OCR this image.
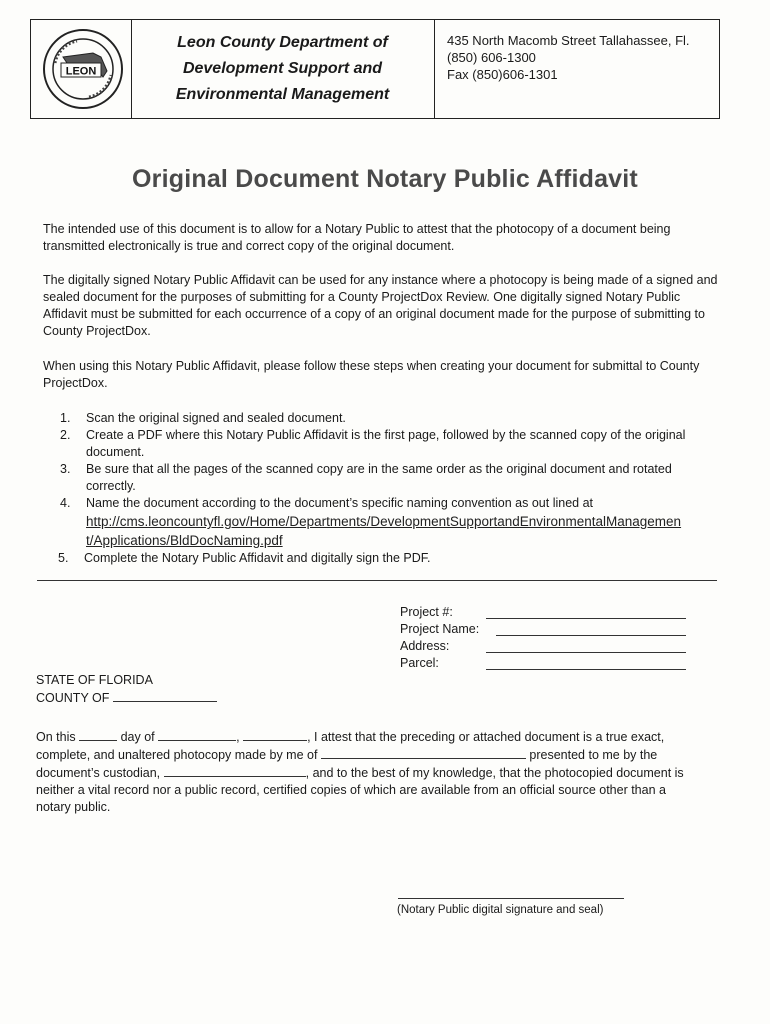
LEON
Leon County Department of
Development Support and
Environmental Management
435 North Macomb Street Tallahassee, Fl.
(850) 606-1300
Fax (850)606-1301
Original Document Notary Public Affidavit
The intended use of this document is to allow for a Notary Public to attest that the photocopy of a document being transmitted electronically is true and correct copy of the original document.
The digitally signed Notary Public Affidavit can be used for any instance where a photocopy is being made of a signed and sealed document for the purposes of submitting for a County ProjectDox Review. One digitally signed Notary Public Affidavit must be submitted for each occurrence of a copy of an original document made for the purpose of submitting to County ProjectDox.
When using this Notary Public Affidavit, please follow these steps when creating your document for submittal to County ProjectDox.
1.	Scan the original signed and sealed document.
2.	Create a PDF where this Notary Public Affidavit is the first page, followed by the scanned copy of the original document.
3.	Be sure that all the pages of the scanned copy are in the same order as the original document and rotated correctly.
4.	Name the document according to the document’s specific naming convention as out lined at
http://cms.leoncountyfl.gov/Home/Departments/DevelopmentSupportandEnvironmentalManagemen
t/Applications/BldDocNaming.pdf
5.	Complete the Notary Public Affidavit and digitally sign the PDF.
Project #:
Project Name:
Address:
Parcel:
STATE OF FLORIDA
COUNTY OF
On this	day of	,	, I attest that the preceding or attached document is a true exact,
complete, and unaltered photocopy made by me of	presented to me by the
document’s custodian,	, and to the best of my knowledge, that the photocopied document is
neither a vital record nor a public record, certified copies of which are available from an official source other than a
notary public.
(Notary Public digital signature and seal)
